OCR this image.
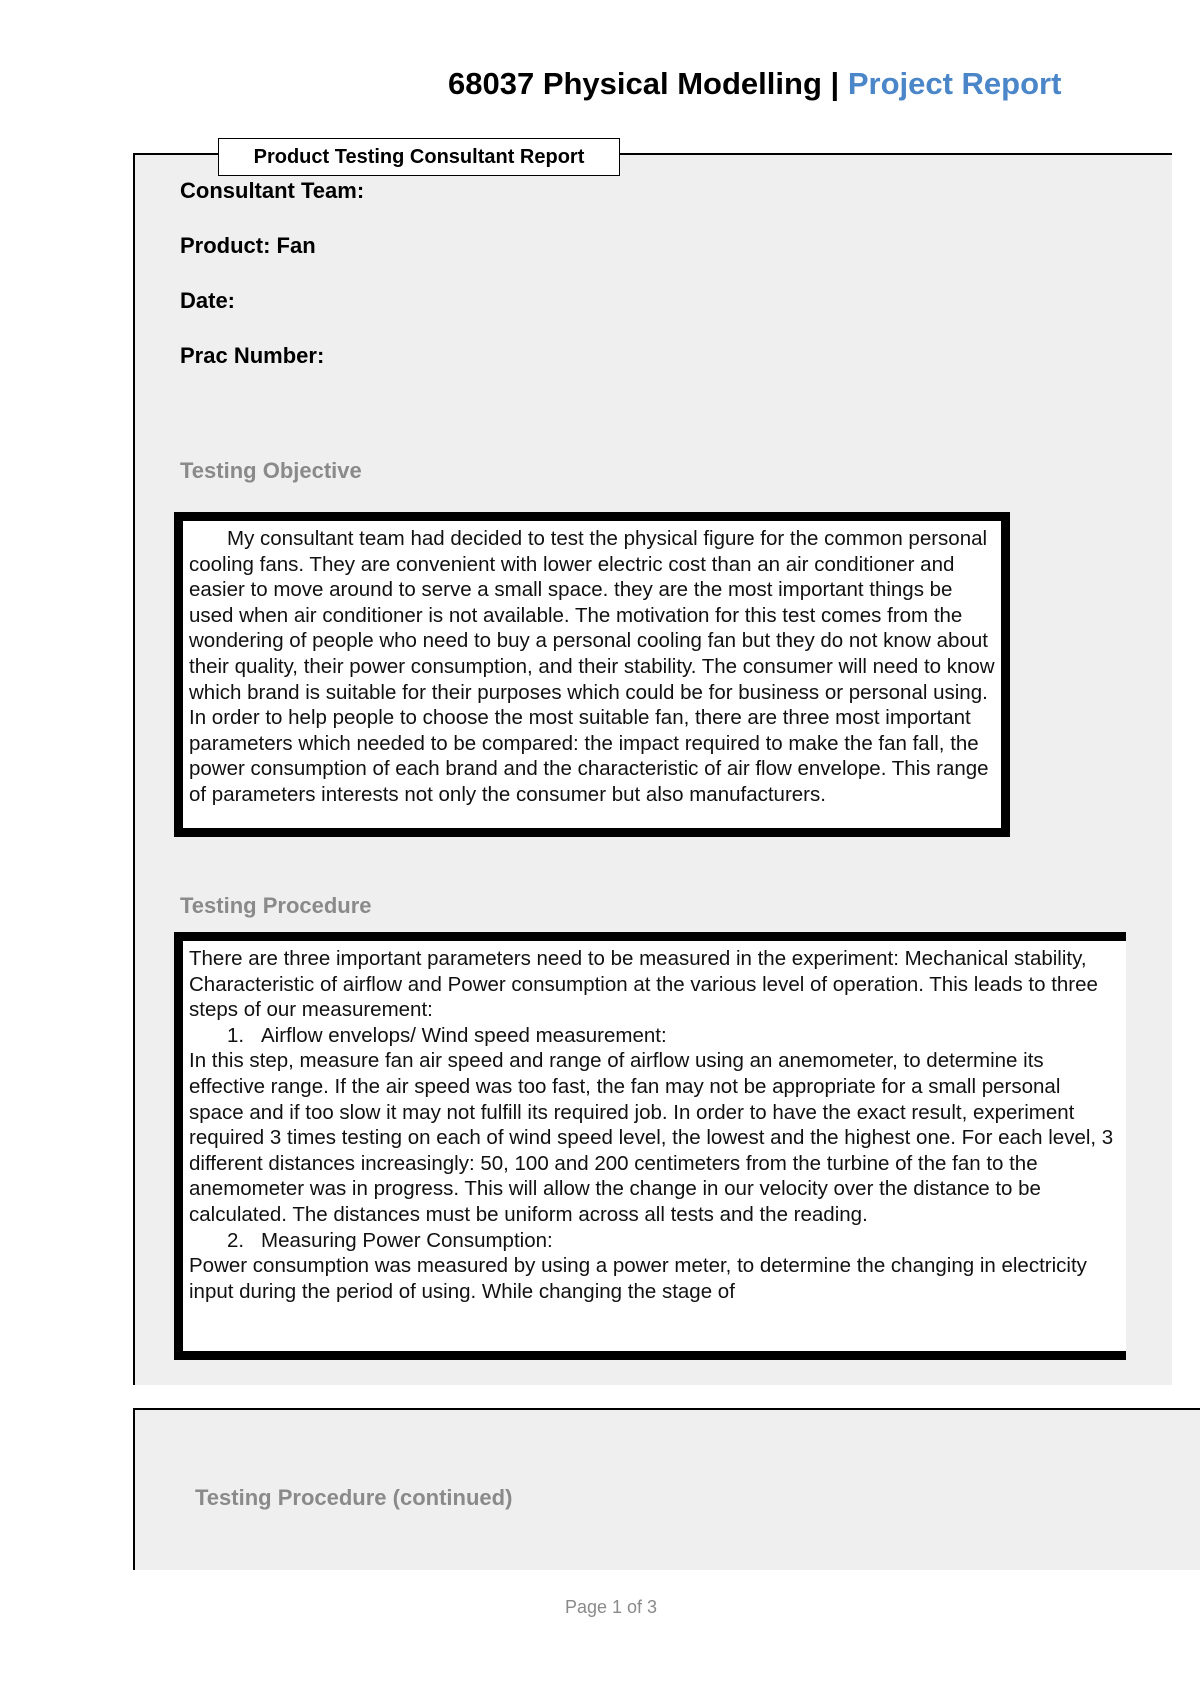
68037 Physical Modelling | Project Report
Product Testing Consultant Report
Consultant Team:
Product: Fan
Date:
Prac Number:
Testing Objective

My consultant team had decided to test the physical figure for the common personal cooling fans. They are convenient with lower electric cost than an air conditioner and easier to move around to serve a small space. they are the most important things be used when air conditioner is not available. The motivation for this test comes from the wondering of people who need to buy a personal cooling fan but they do not know about their quality, their power consumption, and their stability. The consumer will need to know which brand is suitable for their purposes which could be for business or personal using. In order to help people to choose the most suitable fan, there are three most important parameters which needed to be compared: the impact required to make the fan fall, the power consumption of each brand and the characteristic of air flow envelope. This range of parameters interests not only the consumer but also manufacturers.

Testing Procedure

There are three important parameters need to be measured in the experiment: Mechanical stability, Characteristic of airflow and Power consumption at the various level of operation. This leads to three steps of our measurement:

1. Airflow envelops/ Wind speed measurement:

In this step, measure fan air speed and range of airflow using an anemometer, to determine its effective range. If the air speed was too fast, the fan may not be appropriate for a small personal space and if too slow it may not fulfill its required job. In order to have the exact result, experiment required 3 times testing on each of wind speed level, the lowest and the highest one. For each level, 3 different distances increasingly: 50, 100 and 200 centimeters from the turbine of the fan to the anemometer was in progress. This will allow the change in our velocity over the distance to be calculated. The distances must be uniform across all tests and the reading.

2. Measuring Power Consumption:

Power consumption was measured by using a power meter, to determine the changing in electricity input during the period of using. While changing the stage of

Testing Procedure (continued)
Page 1 of 3
